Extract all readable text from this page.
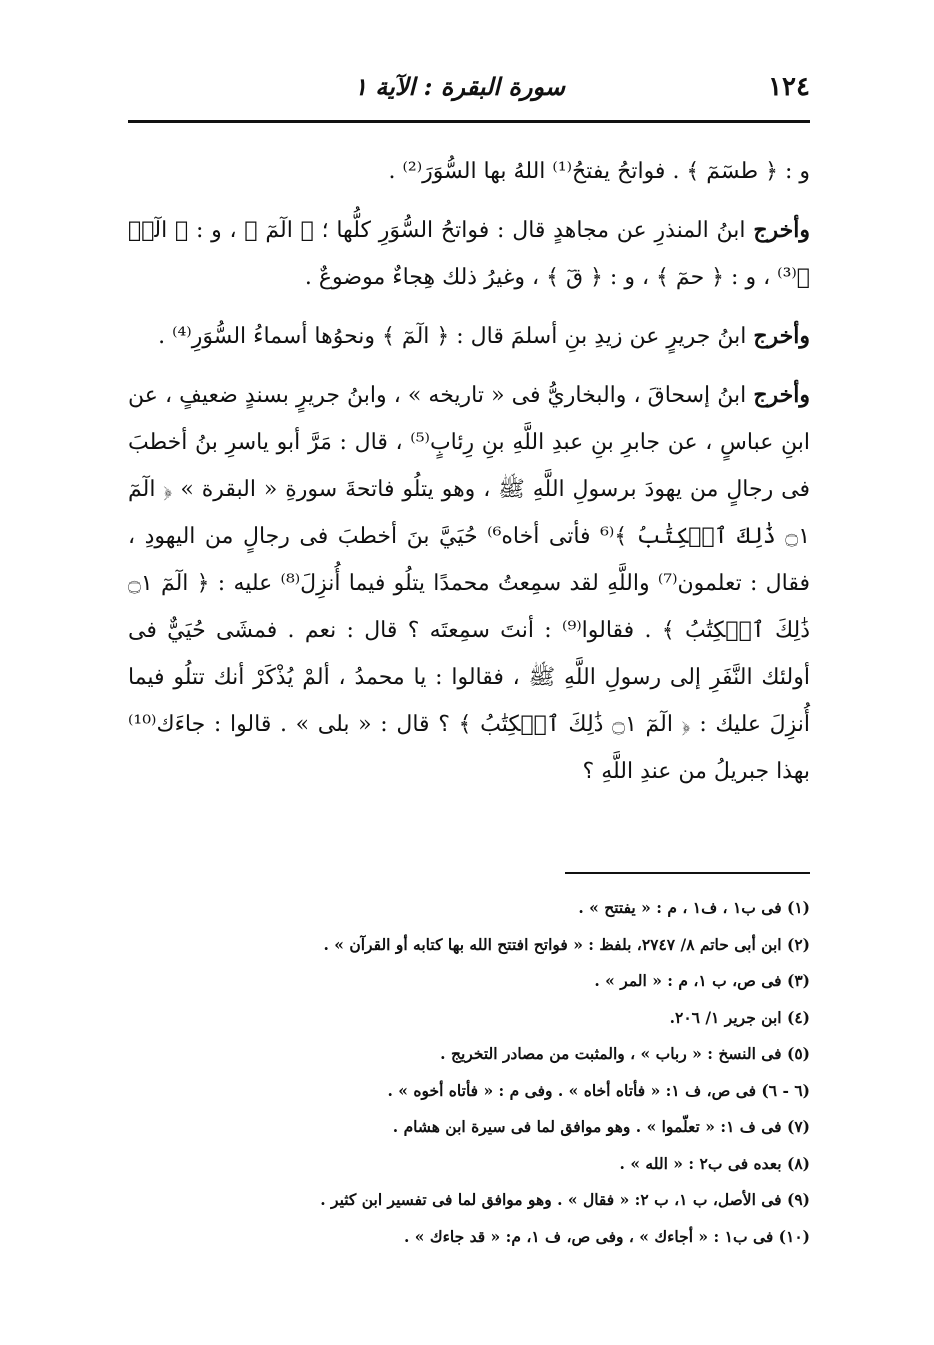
١٢٤
سورة البقرة : الآية ١

و : ﴿ طسٓمٓ ﴾ . فواتحُ يفتحُ⁽¹⁾ اللهُ بها السُّوَرَ⁽²⁾ .

وأخرج ابنُ المنذرِ عن مجاهدٍ قال : فواتحُ السُّوَرِ كلُّها ؛ ﴿ الٓمٓ ﴾ ، و : ﴿ الٓرۚ ﴾⁽³⁾ ، و : ﴿ حمٓ ﴾ ، و : ﴿ قٓ ﴾ ، وغيرُ ذلك هِجاءٌ موضوعٌ .

وأخرج ابنُ جريرٍ عن زيدِ بنِ أسلمَ قال : ﴿ الٓمٓ ﴾ ونحوُها أسماءُ السُّوَرِ⁽⁴⁾ .

وأخرج ابنُ إسحاقَ ، والبخاريُّ فى « تاريخه » ، وابنُ جريرٍ بسندٍ ضعيفٍ ، عن ابنِ عباسٍ ، عن جابرِ بنِ عبدِ اللَّهِ بنِ رِئابٍ⁽⁵⁾ ، قال : مَرَّ أبو ياسرِ بنُ أخطبَ فى رجالٍ من يهودَ برسولِ اللَّهِ ﷺ ، وهو يتلُو فاتحةَ سورةِ « البقرة » ﴿ الٓمٓ ۝١ ذَٰلِكَ ٱلۡكِتَٰبُ ﴾⁽⁶ فأتى أخاه⁶⁾ حُيَيَّ بنَ أخطبَ فى رجالٍ من اليهودِ ، فقال : تعلمون⁽⁷⁾ واللَّهِ لقد سمِعتُ محمدًا يتلُو فيما أُنزِلَ⁽⁸⁾ عليه : ﴿ الٓمٓ ۝١ ذَٰلِكَ ٱلۡكِتَٰبُ ﴾ . فقالوا⁽⁹⁾ : أنتَ سمِعتَه ؟ قال : نعم . فمشَى حُيَيٌّ فى أولئك النَّفَرِ إلى رسولِ اللَّهِ ﷺ ، فقالوا : يا محمدُ ، ألمْ يُذْكَرْ أنك تتلُو فيما أُنزِلَ عليك : ﴿ الٓمٓ ۝١ ذَٰلِكَ ٱلۡكِتَٰبُ ﴾ ؟ قال : « بلى » . قالوا : جاءَك⁽¹⁰⁾ بهذا جبريلُ من عندِ اللَّهِ ؟

(١) فى ب١ ، ف١ ، م : « يفتتح » .
(٢) ابن أبى حاتم ٨/ ٢٧٤٧، بلفظ : « فواتح افتتح الله بها كتابه أو القرآن » .
(٣) فى ص، ب ١، م : « المر » .
(٤) ابن جرير ١/ ٢٠٦.
(٥) فى النسخ : « رباب » ، والمثبت من مصادر التخريج .
(٦ - ٦) فى ص، ف ١: « فأتاه أخاه » . وفى م : « فأتاه أخوه » .
(٧) فى ف ١: « تعلّموا » . وهو موافق لما فى سيرة ابن هشام .
(٨) بعده فى ب٢ : « الله » .
(٩) فى الأصل، ب ١، ب ٢: « فقال » . وهو موافق لما فى تفسير ابن كثير .
(١٠) فى ب١ : « أجاءك » ، وفى ص، ف ١، م: « قد جاءك » .
